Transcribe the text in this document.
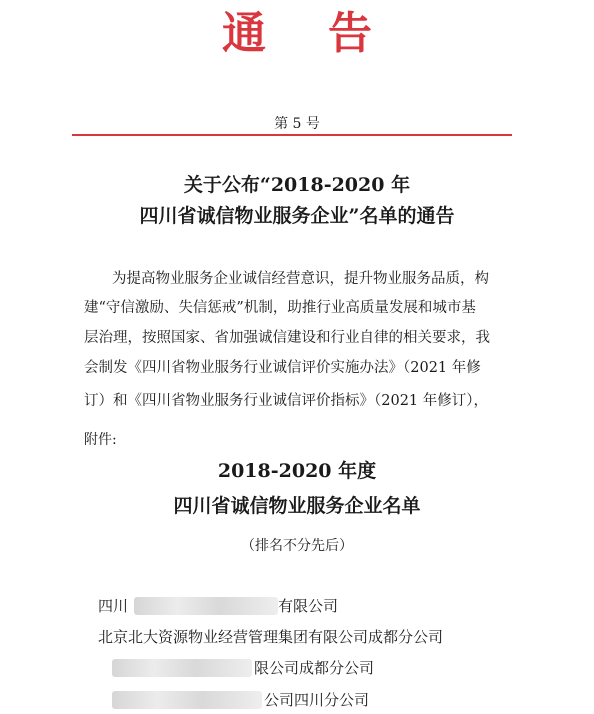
通告
第 5 号
关于公布“2018-2020 年
四川省诚信物业服务企业”名单的通告
为提高物业服务企业诚信经营意识，提升物业服务品质，构
建“守信激励、失信惩戒”机制，助推行业高质量发展和城市基
层治理，按照国家、省加强诚信建设和行业自律的相关要求，我
会制发《四川省物业服务行业诚信评价实施办法》（2021 年修
订）和《四川省物业服务行业诚信评价指标》（2021 年修订），
附件:
2018-2020 年度
四川省诚信物业服务企业名单
（排名不分先后）
四川	有限公司
北京北大资源物业经营管理集团有限公司成都分公司
限公司成都分公司
公司四川分公司
